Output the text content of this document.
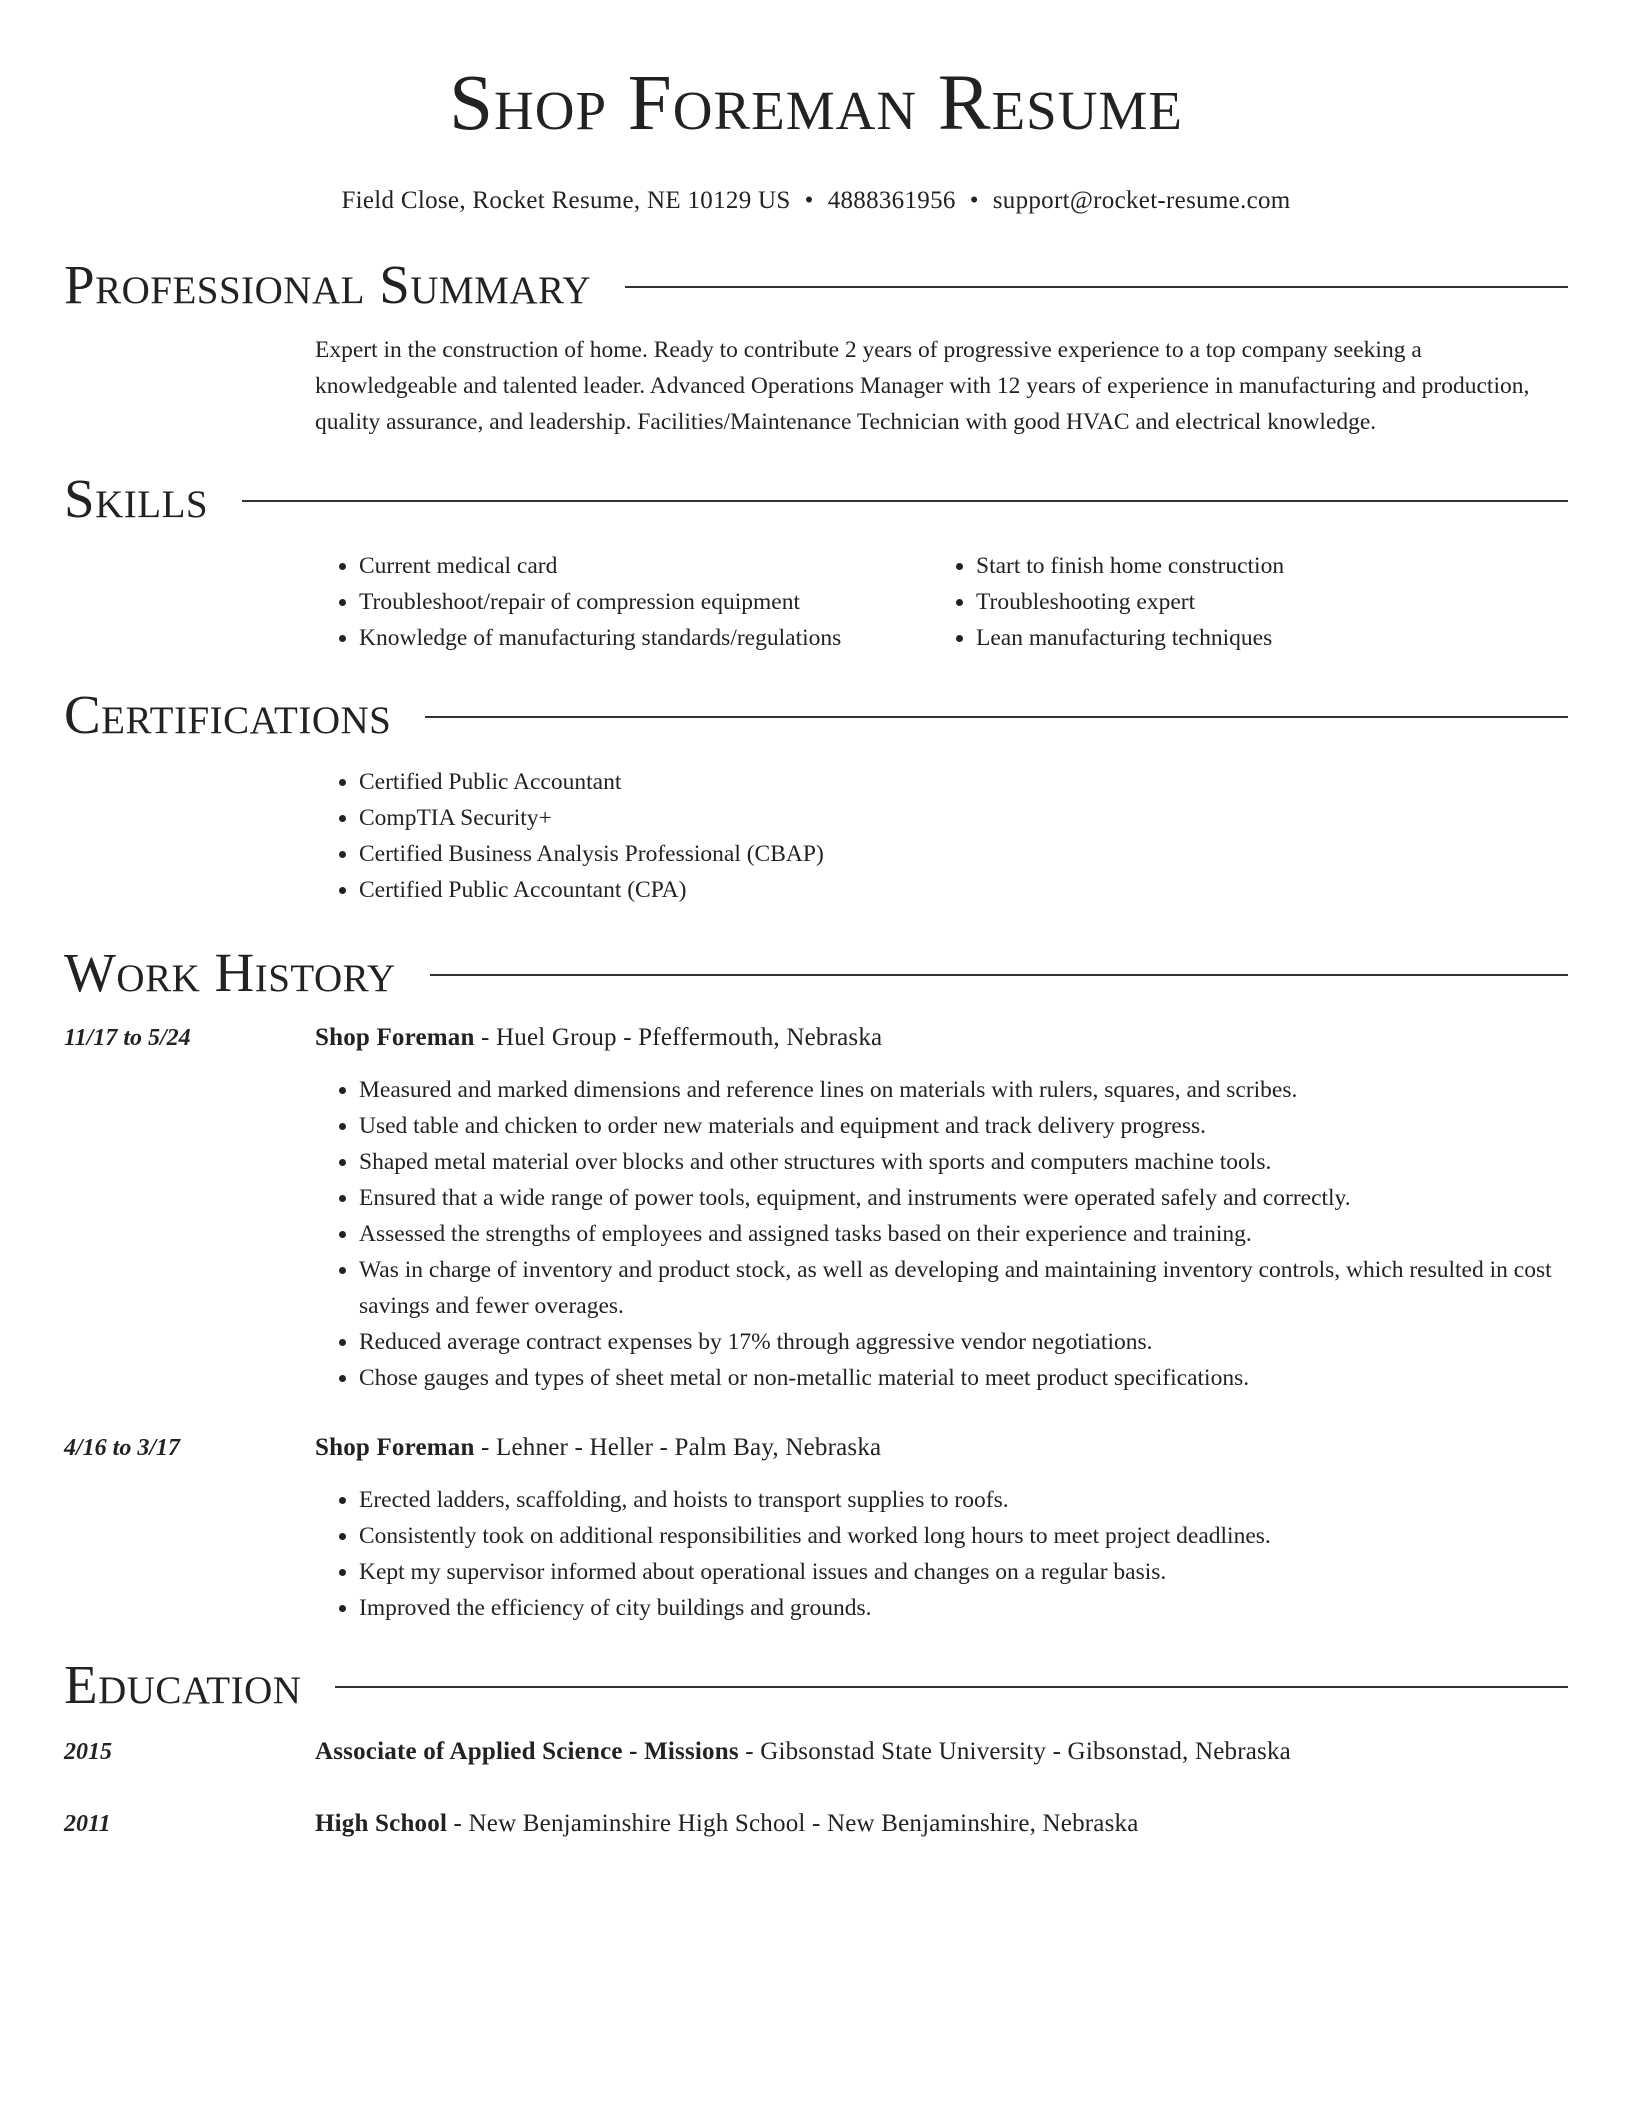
Shop Foreman Resume
Field Close, Rocket Resume, NE 10129 US • 4888361956 • support@rocket-resume.com
Professional Summary

Expert in the construction of home. Ready to contribute 2 years of progressive experience to a top company seeking a knowledgeable and talented leader. Advanced Operations Manager with 12 years of experience in manufacturing and production, quality assurance, and leadership. Facilities/Maintenance Technician with good HVAC and electrical knowledge.

Skills
• Current medical card
• Troubleshoot/repair of compression equipment
• Knowledge of manufacturing standards/regulations
• Start to finish home construction
• Troubleshooting expert
• Lean manufacturing techniques
Certifications
• Certified Public Accountant
• CompTIA Security+
• Certified Business Analysis Professional (CBAP)
• Certified Public Accountant (CPA)
Work History
11/17 to 5/24	Shop Foreman - Huel Group - Pfeffermouth, Nebraska
• Measured and marked dimensions and reference lines on materials with rulers, squares, and scribes.
• Used table and chicken to order new materials and equipment and track delivery progress.
• Shaped metal material over blocks and other structures with sports and computers machine tools.
• Ensured that a wide range of power tools, equipment, and instruments were operated safely and correctly.
• Assessed the strengths of employees and assigned tasks based on their experience and training.
• Was in charge of inventory and product stock, as well as developing and maintaining inventory controls, which resulted in cost savings and fewer overages.
• Reduced average contract expenses by 17% through aggressive vendor negotiations.
• Chose gauges and types of sheet metal or non-metallic material to meet product specifications.
4/16 to 3/17	Shop Foreman - Lehner - Heller - Palm Bay, Nebraska
• Erected ladders, scaffolding, and hoists to transport supplies to roofs.
• Consistently took on additional responsibilities and worked long hours to meet project deadlines.
• Kept my supervisor informed about operational issues and changes on a regular basis.
• Improved the efficiency of city buildings and grounds.
Education
2015	Associate of Applied Science - Missions - Gibsonstad State University - Gibsonstad, Nebraska
2011	High School - New Benjaminshire High School - New Benjaminshire, Nebraska
